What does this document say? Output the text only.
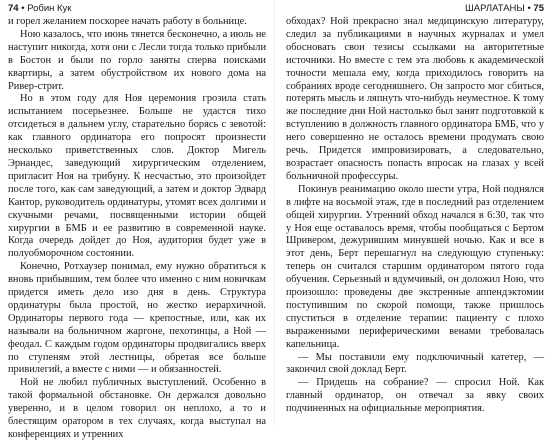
74 • Робин Кук

и горел желанием поскорее начать работу в больнице.

Ною казалось, что июнь тянется бесконечно, а июль не наступит никогда, хотя они с Лесли тогда только прибыли в Бостон и были по горло заняты сперва поисками квартиры, а затем обустройством их нового дома на Ривер-стрит.

Но в этом году для Ноя церемония грозила стать испытанием посерьезнее. Больше не удастся тихо отсидеться в дальнем углу, старательно борясь с зевотой: как главного ординатора его попросят произнести несколько приветственных слов. Доктор Мигель Эрнандес, заведующий хирургическим отделением, пригласит Ноя на трибуну. К несчастью, это произойдет после того, как сам заведующий, а затем и доктор Эдвард Кантор, руководитель ординатуры, утомят всех долгими и скучными речами, посвященными истории общей хирургии в БМБ и ее развитию в современной науке. Когда очередь дойдет до Ноя, аудитория будет уже в полуобморочном состоянии.

Конечно, Ротхаузер понимал, ему нужно обратиться к вновь прибывшим, тем более что именно с ним новичкам придется иметь дело изо дня в день. Структура ординатуры была простой, но жестко иерархичной. Ординаторы первого года — крепостные, или, как их называли на больничном жаргоне, пехотинцы, а Ной — феодал. С каждым годом ординаторы продвигались вверх по ступеням этой лестницы, обретая все больше привилегий, а вместе с ними — и обязанностей.

Ной не любил публичных выступлений. Особенно в такой формальной обстановке. Он держался довольно уверенно, и в целом говорил он неплохо, а то и блестящим оратором в тех случаях, когда выступал на конференциях и утренних

ШАРЛАТАНЫ • 75

обходах? Ной прекрасно знал медицинскую литературу, следил за публикациями в научных журналах и умел обосновать свои тезисы ссылками на авторитетные источники. Но вместе с тем эта любовь к академической точности мешала ему, когда приходилось говорить на собраниях вроде сегодняшнего. Он запросто мог сбиться, потерять мысль и ляпнуть что-нибудь неуместное. К тому же последние дни Ной настолько был занят подготовкой к вступлению в должность главного ординатора БМБ, что у него совершенно не осталось времени продумать свою речь. Придется импровизировать, а следовательно, возрастает опасность попасть впросак на глазах у всей больничной профессуры.

Покинув реанимацию около шести утра, Ной поднялся в лифте на восьмой этаж, где в последний раз отделением общей хирургии. Утренний обход начался в 6:30, так что у Ноя еще оставалось время, чтобы пообщаться с Бертом Шривером, дежурившим минувшей ночью. Как и все в этот день, Берт перешагнул на следующую ступеньку: теперь он считался старшим ординатором пятого года обучения. Серьезный и вдумчивый, он доложил Ною, что произошло: проведены две экстренные аппендэктомии поступившим по скорой помощи, также пришлось спуститься в отделение терапии: пациенту с плохо выраженными периферическими венами требовалась капельница.

— Мы поставили ему подключичный катетер, — закончил свой доклад Берт.

— Придешь на собрание? — спросил Ной. Как главный ординатор, он отвечал за явку своих подчиненных на официальные мероприятия.
